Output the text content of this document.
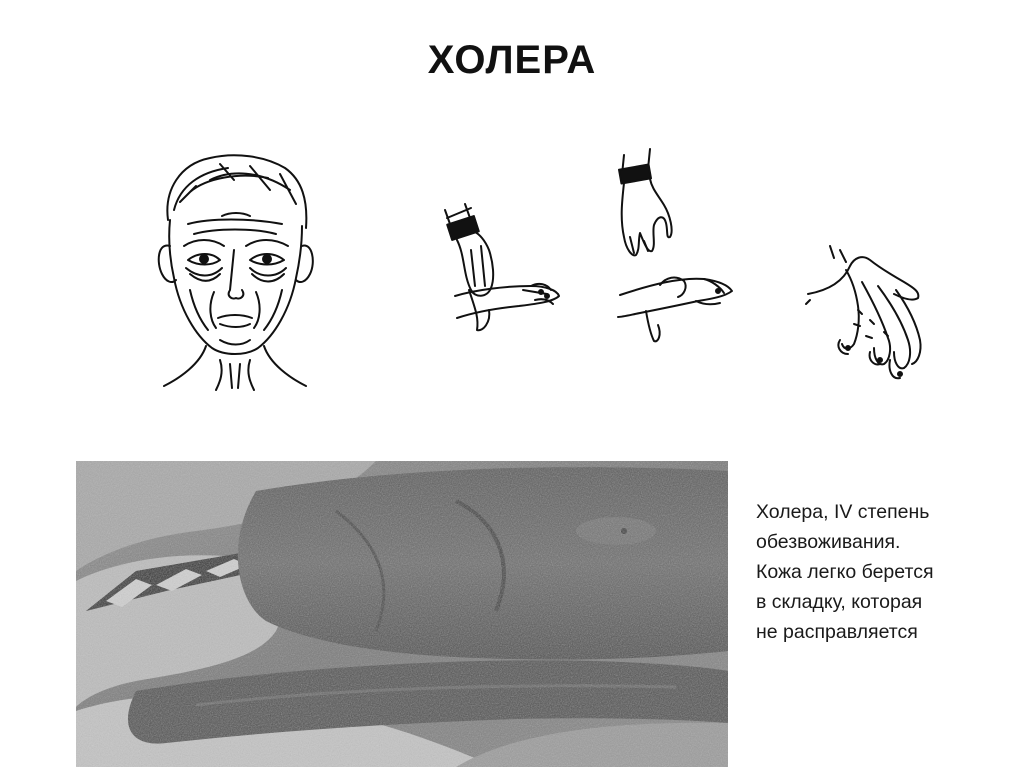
ХОЛЕРА
Холера, IV степень
обезвоживания.
Кожа легко берется
в складку, которая
не расправляется
